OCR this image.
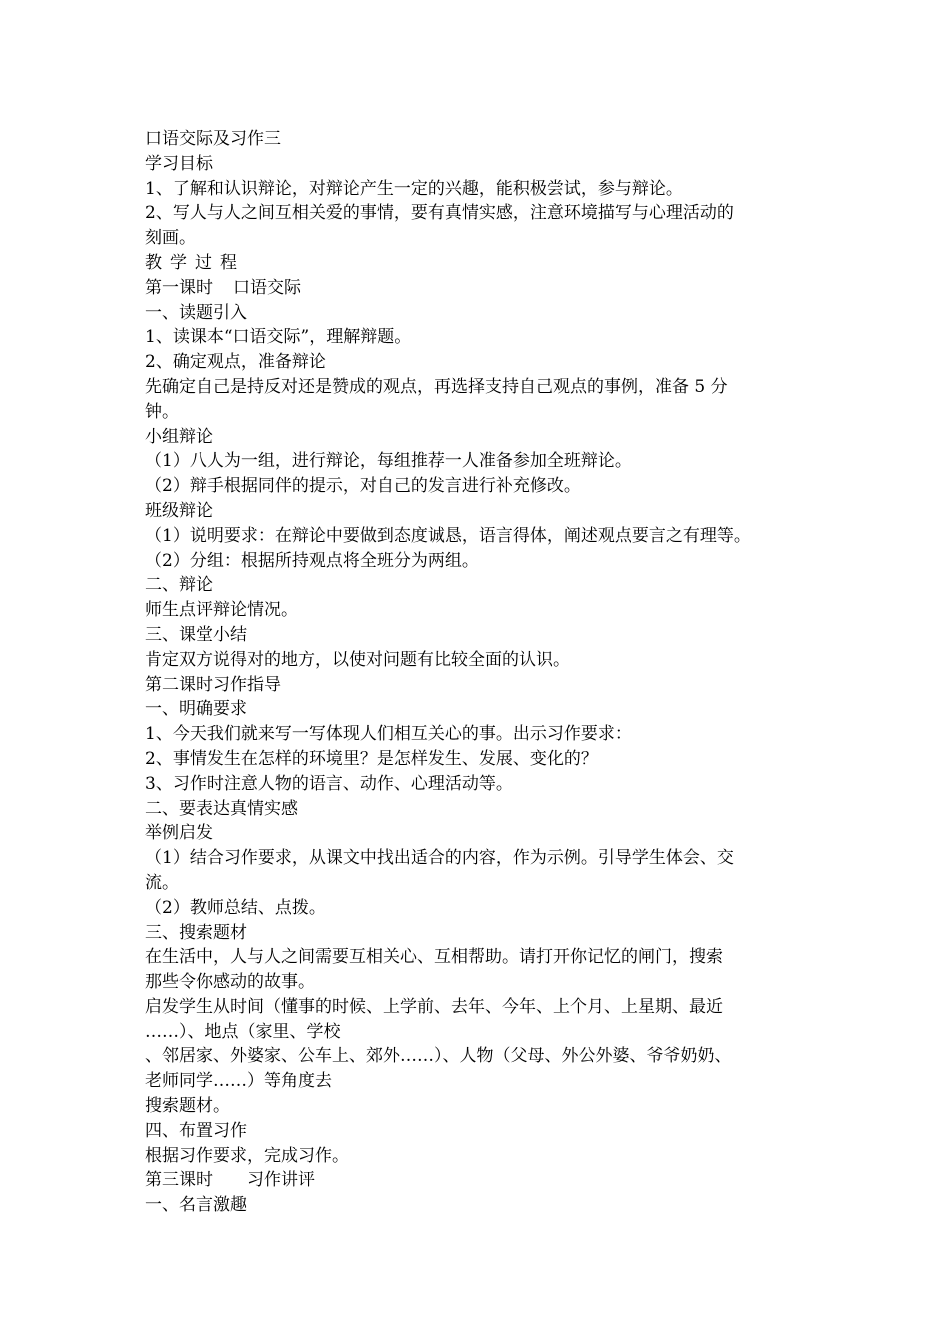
口语交际及习作三
学习目标
1、了解和认识辩论，对辩论产生一定的兴趣，能积极尝试，参与辩论。
2、写人与人之间互相关爱的事情，要有真情实感，注意环境描写与心理活动的
刻画。
教学过程
第一课时 口语交际
一、读题引入
1、读课本“口语交际”，理解辩题。
2、确定观点，准备辩论
先确定自己是持反对还是赞成的观点，再选择支持自己观点的事例，准备 5 分
钟。
小组辩论
（1）八人为一组，进行辩论，每组推荐一人准备参加全班辩论。
（2）辩手根据同伴的提示，对自己的发言进行补充修改。
班级辩论
（1）说明要求：在辩论中要做到态度诚恳，语言得体，阐述观点要言之有理等。
（2）分组：根据所持观点将全班分为两组。
二、辩论
师生点评辩论情况。
三、课堂小结
肯定双方说得对的地方，以使对问题有比较全面的认识。
第二课时习作指导
一、明确要求
1、今天我们就来写一写体现人们相互关心的事。出示习作要求：
2、事情发生在怎样的环境里？是怎样发生、发展、变化的？
3、习作时注意人物的语言、动作、心理活动等。
二、要表达真情实感
举例启发
（1）结合习作要求，从课文中找出适合的内容，作为示例。引导学生体会、交
流。
（2）教师总结、点拨。
三、搜索题材
在生活中，人与人之间需要互相关心、互相帮助。请打开你记忆的闸门，搜索
那些令你感动的故事。
启发学生从时间（懂事的时候、上学前、去年、今年、上个月、上星期、最近
……）、地点（家里、学校
、邻居家、外婆家、公车上、郊外……）、人物（父母、外公外婆、爷爷奶奶、
老师同学……）等角度去
搜索题材。
四、布置习作
根据习作要求，完成习作。
第三课时 习作讲评
一、名言激趣
